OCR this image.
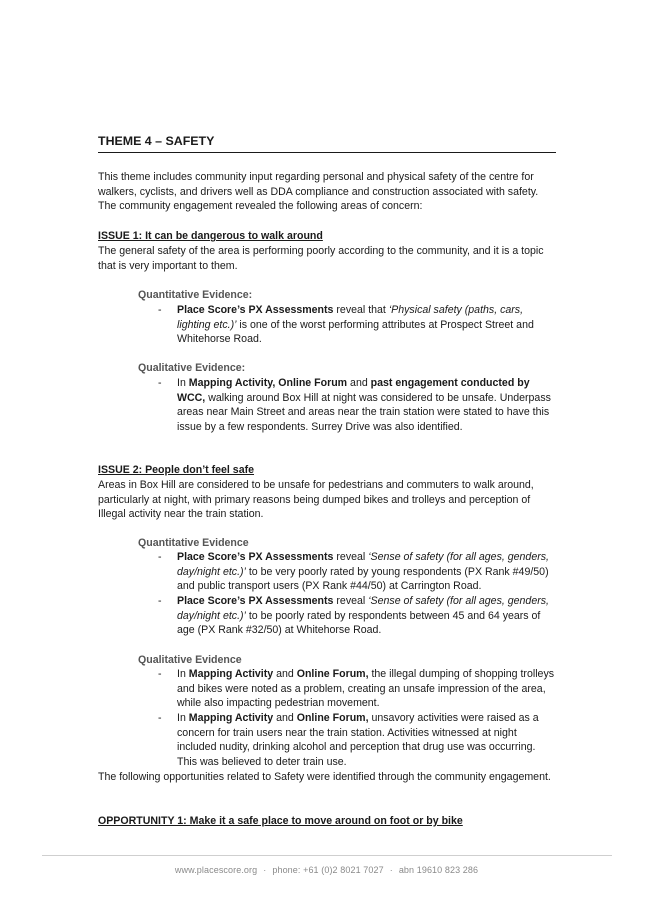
THEME 4 – SAFETY
This theme includes community input regarding personal and physical safety of the centre for walkers, cyclists, and drivers well as DDA compliance and construction associated with safety. The community engagement revealed the following areas of concern:
ISSUE 1: It can be dangerous to walk around
The general safety of the area is performing poorly according to the community, and it is a topic that is very important to them.
Quantitative Evidence:
- Place Score’s PX Assessments reveal that ‘Physical safety (paths, cars, lighting etc.)’ is one of the worst performing attributes at Prospect Street and Whitehorse Road.
Qualitative Evidence:
- In Mapping Activity, Online Forum and past engagement conducted by WCC, walking around Box Hill at night was considered to be unsafe. Underpass areas near Main Street and areas near the train station were stated to have this issue by a few respondents. Surrey Drive was also identified.
ISSUE 2: People don’t feel safe
Areas in Box Hill are considered to be unsafe for pedestrians and commuters to walk around, particularly at night, with primary reasons being dumped bikes and trolleys and perception of Illegal activity near the train station.
Quantitative Evidence
- Place Score’s PX Assessments reveal ‘Sense of safety (for all ages, genders, day/night etc.)’ to be very poorly rated by young respondents (PX Rank #49/50) and public transport users (PX Rank #44/50) at Carrington Road.
- Place Score’s PX Assessments reveal ‘Sense of safety (for all ages, genders, day/night etc.)’ to be poorly rated by respondents between 45 and 64 years of age (PX Rank #32/50) at Whitehorse Road.
Qualitative Evidence
- In Mapping Activity and Online Forum, the illegal dumping of shopping trolleys and bikes were noted as a problem, creating an unsafe impression of the area, while also impacting pedestrian movement.
- In Mapping Activity and Online Forum, unsavory activities were raised as a concern for train users near the train station. Activities witnessed at night included nudity, drinking alcohol and perception that drug use was occurring. This was believed to deter train use.
The following opportunities related to Safety were identified through the community engagement.
OPPORTUNITY 1: Make it a safe place to move around on foot or by bike
www.placescore.org · phone: +61 (0)2 8021 7027 · abn 19610 823 286
